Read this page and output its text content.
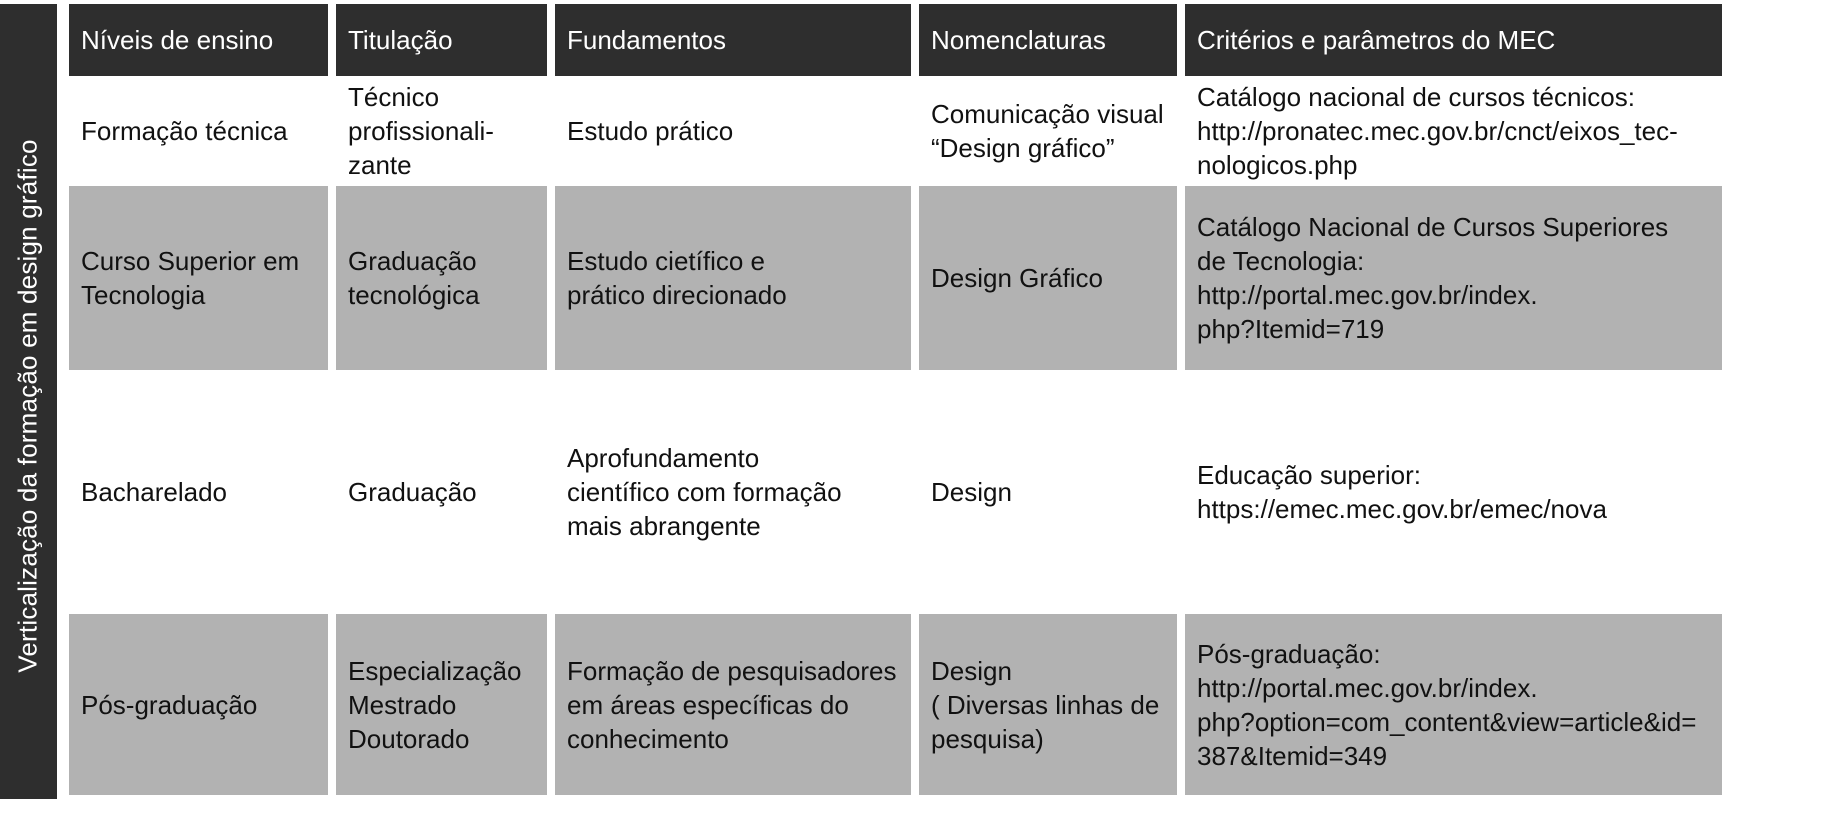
Verticalização da formação em design gráfico
Níveis de ensino	Titulação	Fundamentos	Nomenclaturas	Critérios e parâmetros do MEC
Formação técnica	Técnico
profissionali-
zante	Estudo prático	Comunicação visual
“Design gráfico”	Catálogo nacional de cursos técnicos:
http://pronatec.mec.gov.br/cnct/eixos_tec-
nologicos.php
Curso Superior em
Tecnologia	Graduação
tecnológica	Estudo cietífico e
prático direcionado	Design Gráfico	Catálogo Nacional de Cursos Superiores
de Tecnologia:
http://portal.mec.gov.br/index.
php?Itemid=719
Bacharelado	Graduação	Aprofundamento
científico com formação
mais abrangente	Design	Educação superior:
https://emec.mec.gov.br/emec/nova
Pós-graduação	Especialização
Mestrado
Doutorado	Formação de pesquisadores
em áreas específicas do
conhecimento	Design
( Diversas linhas de
pesquisa)	Pós-graduação:
http://portal.mec.gov.br/index.
php?option=com_content&view=article&id=
387&Itemid=349
